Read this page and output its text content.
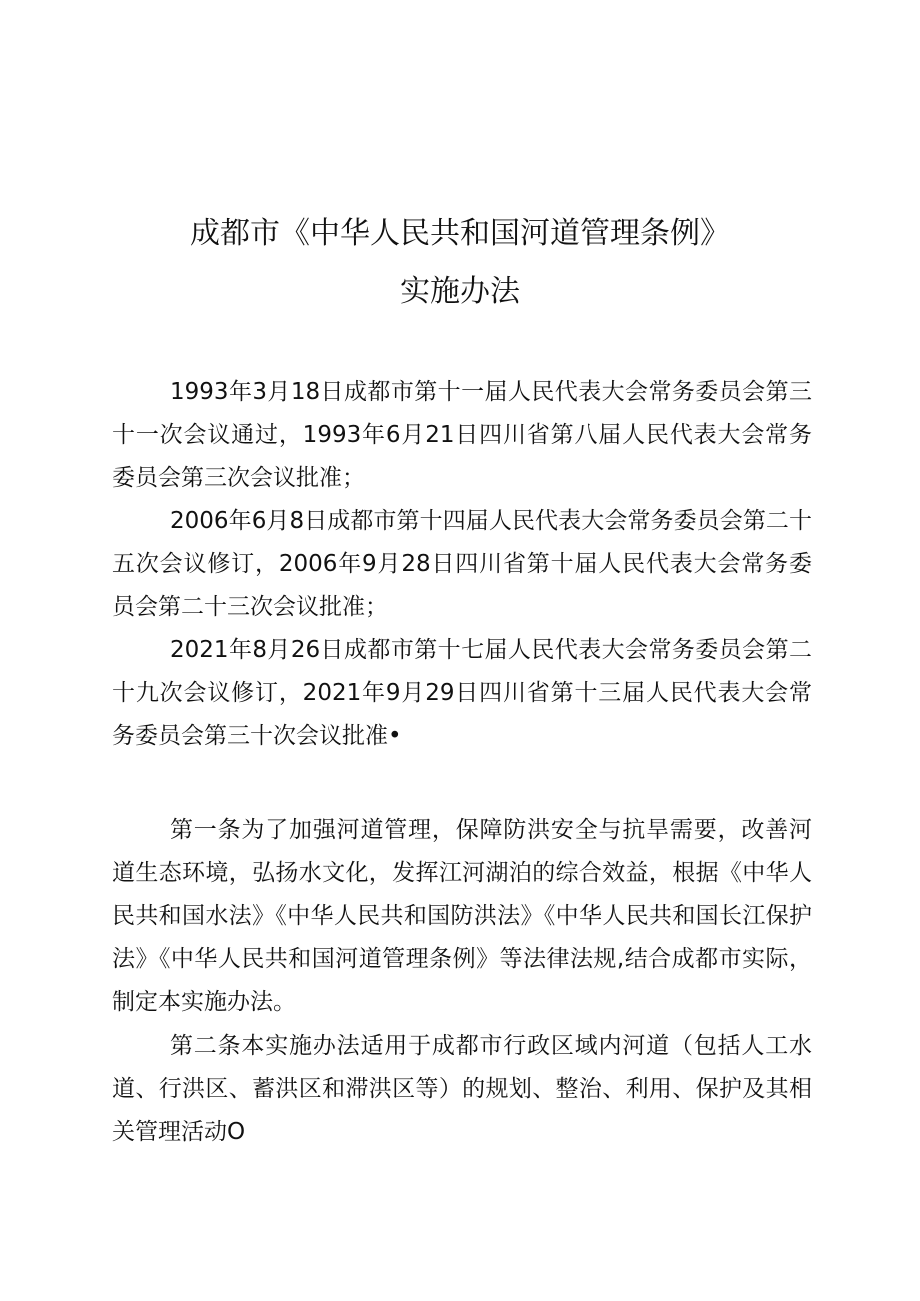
成都市《中华人民共和国河道管理条例》
实施办法

1993年3月18日成都市第十一届人民代表大会常务委员会第三十一次会议通过，1993年6月21日四川省第八届人民代表大会常务委员会第三次会议批准；

2006年6月8日成都市第十四届人民代表大会常务委员会第二十五次会议修订，2006年9月28日四川省第十届人民代表大会常务委员会第二十三次会议批准；

2021年8月26日成都市第十七届人民代表大会常务委员会第二十九次会议修订，2021年9月29日四川省第十三届人民代表大会常务委员会第三十次会议批准•

第一条为了加强河道管理，保障防洪安全与抗旱需要，改善河道生态环境，弘扬水文化，发挥江河湖泊的综合效益，根据《中华人民共和国水法》《中华人民共和国防洪法》《中华人民共和国长江保护法》《中华人民共和国河道管理条例》等法律法规,结合成都市实际，制定本实施办法。

第二条本实施办法适用于成都市行政区域内河道（包括人工水道、行洪区、蓄洪区和滞洪区等）的规划、整治、利用、保护及其相关管理活动O
